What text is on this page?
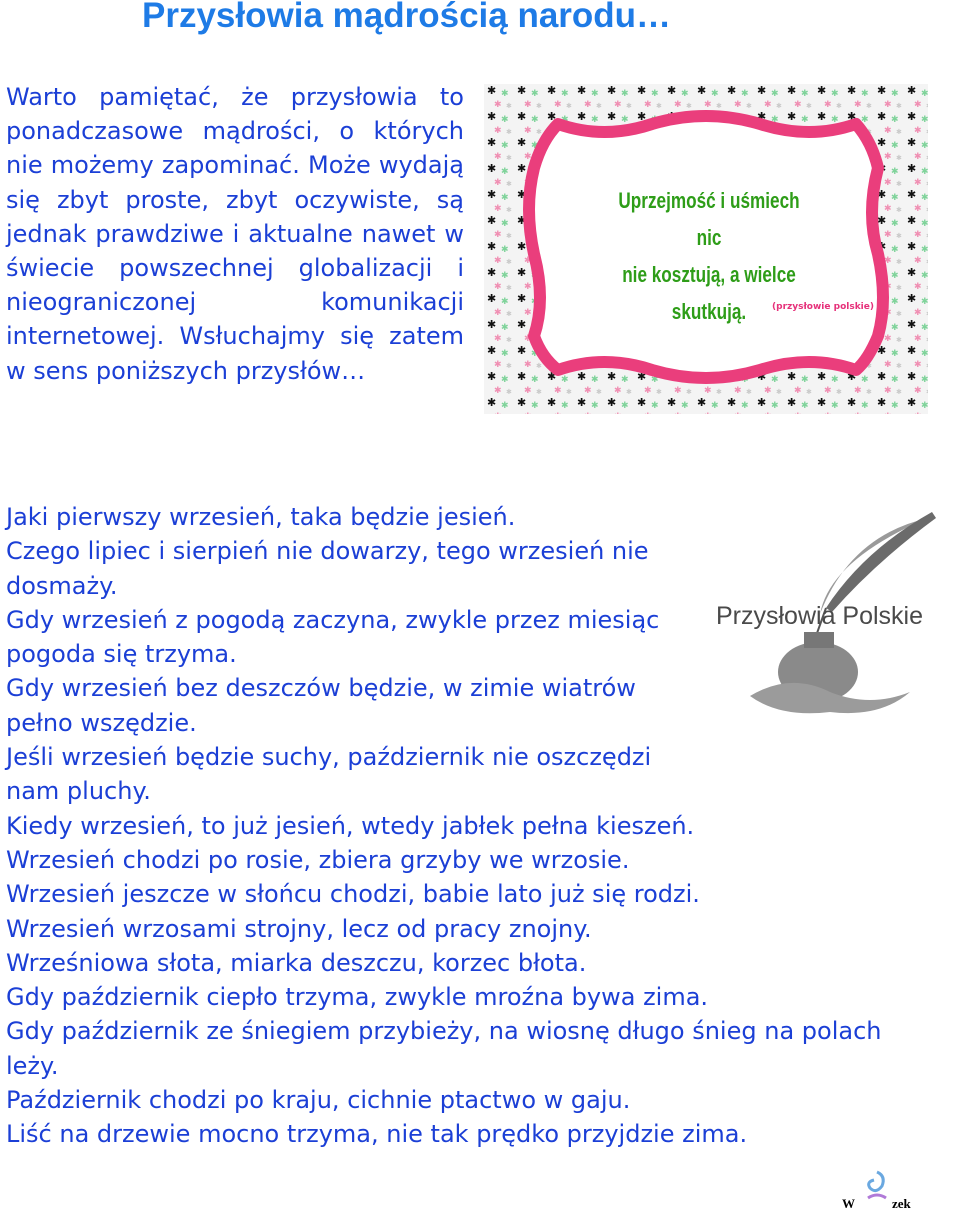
Przysłowia mądrością narodu…

Warto pamiętać, że przysłowia to ponadczasowe mądrości, o których nie możemy zapominać. Może wydają się zbyt proste, zbyt oczywiste, są jednak prawdziwe i aktualne nawet w świecie powszechnej globalizacji i nieograniczonej komunikacji internetowej. Wsłuchajmy się zatem w sens poniższych przysłów…

Uprzejmość i uśmiech nic
nie kosztują, a wielce
skutkują.	(przysłowie polskie)
Przysłowia Polskie

Jaki pierwszy wrzesień, taka będzie jesień.

Czego lipiec i sierpień nie dowarzy, tego wrzesień nie dosmaży.

Gdy wrzesień z pogodą zaczyna, zwykle przez miesiąc pogoda się trzyma.

Gdy wrzesień bez deszczów będzie, w zimie wiatrów pełno wszędzie.

Jeśli wrzesień będzie suchy, październik nie oszczędzi nam pluchy.

Kiedy wrzesień, to już jesień, wtedy jabłek pełna kieszeń.

Wrzesień chodzi po rosie, zbiera grzyby we wrzosie.

Wrzesień jeszcze w słońcu chodzi, babie lato już się rodzi.

Wrzesień wrzosami strojny, lecz od pracy znojny.

Wrześniowa słota, miarka deszczu, korzec błota.

Gdy październik ciepło trzyma, zwykle mroźna bywa zima.

Gdy październik ze śniegiem przybieży, na wiosnę długo śnieg na polach leży.

Październik chodzi po kraju, cichnie ptactwo w gaju.

Liść na drzewie mocno trzyma, nie tak prędko przyjdzie zima.

W	zek
